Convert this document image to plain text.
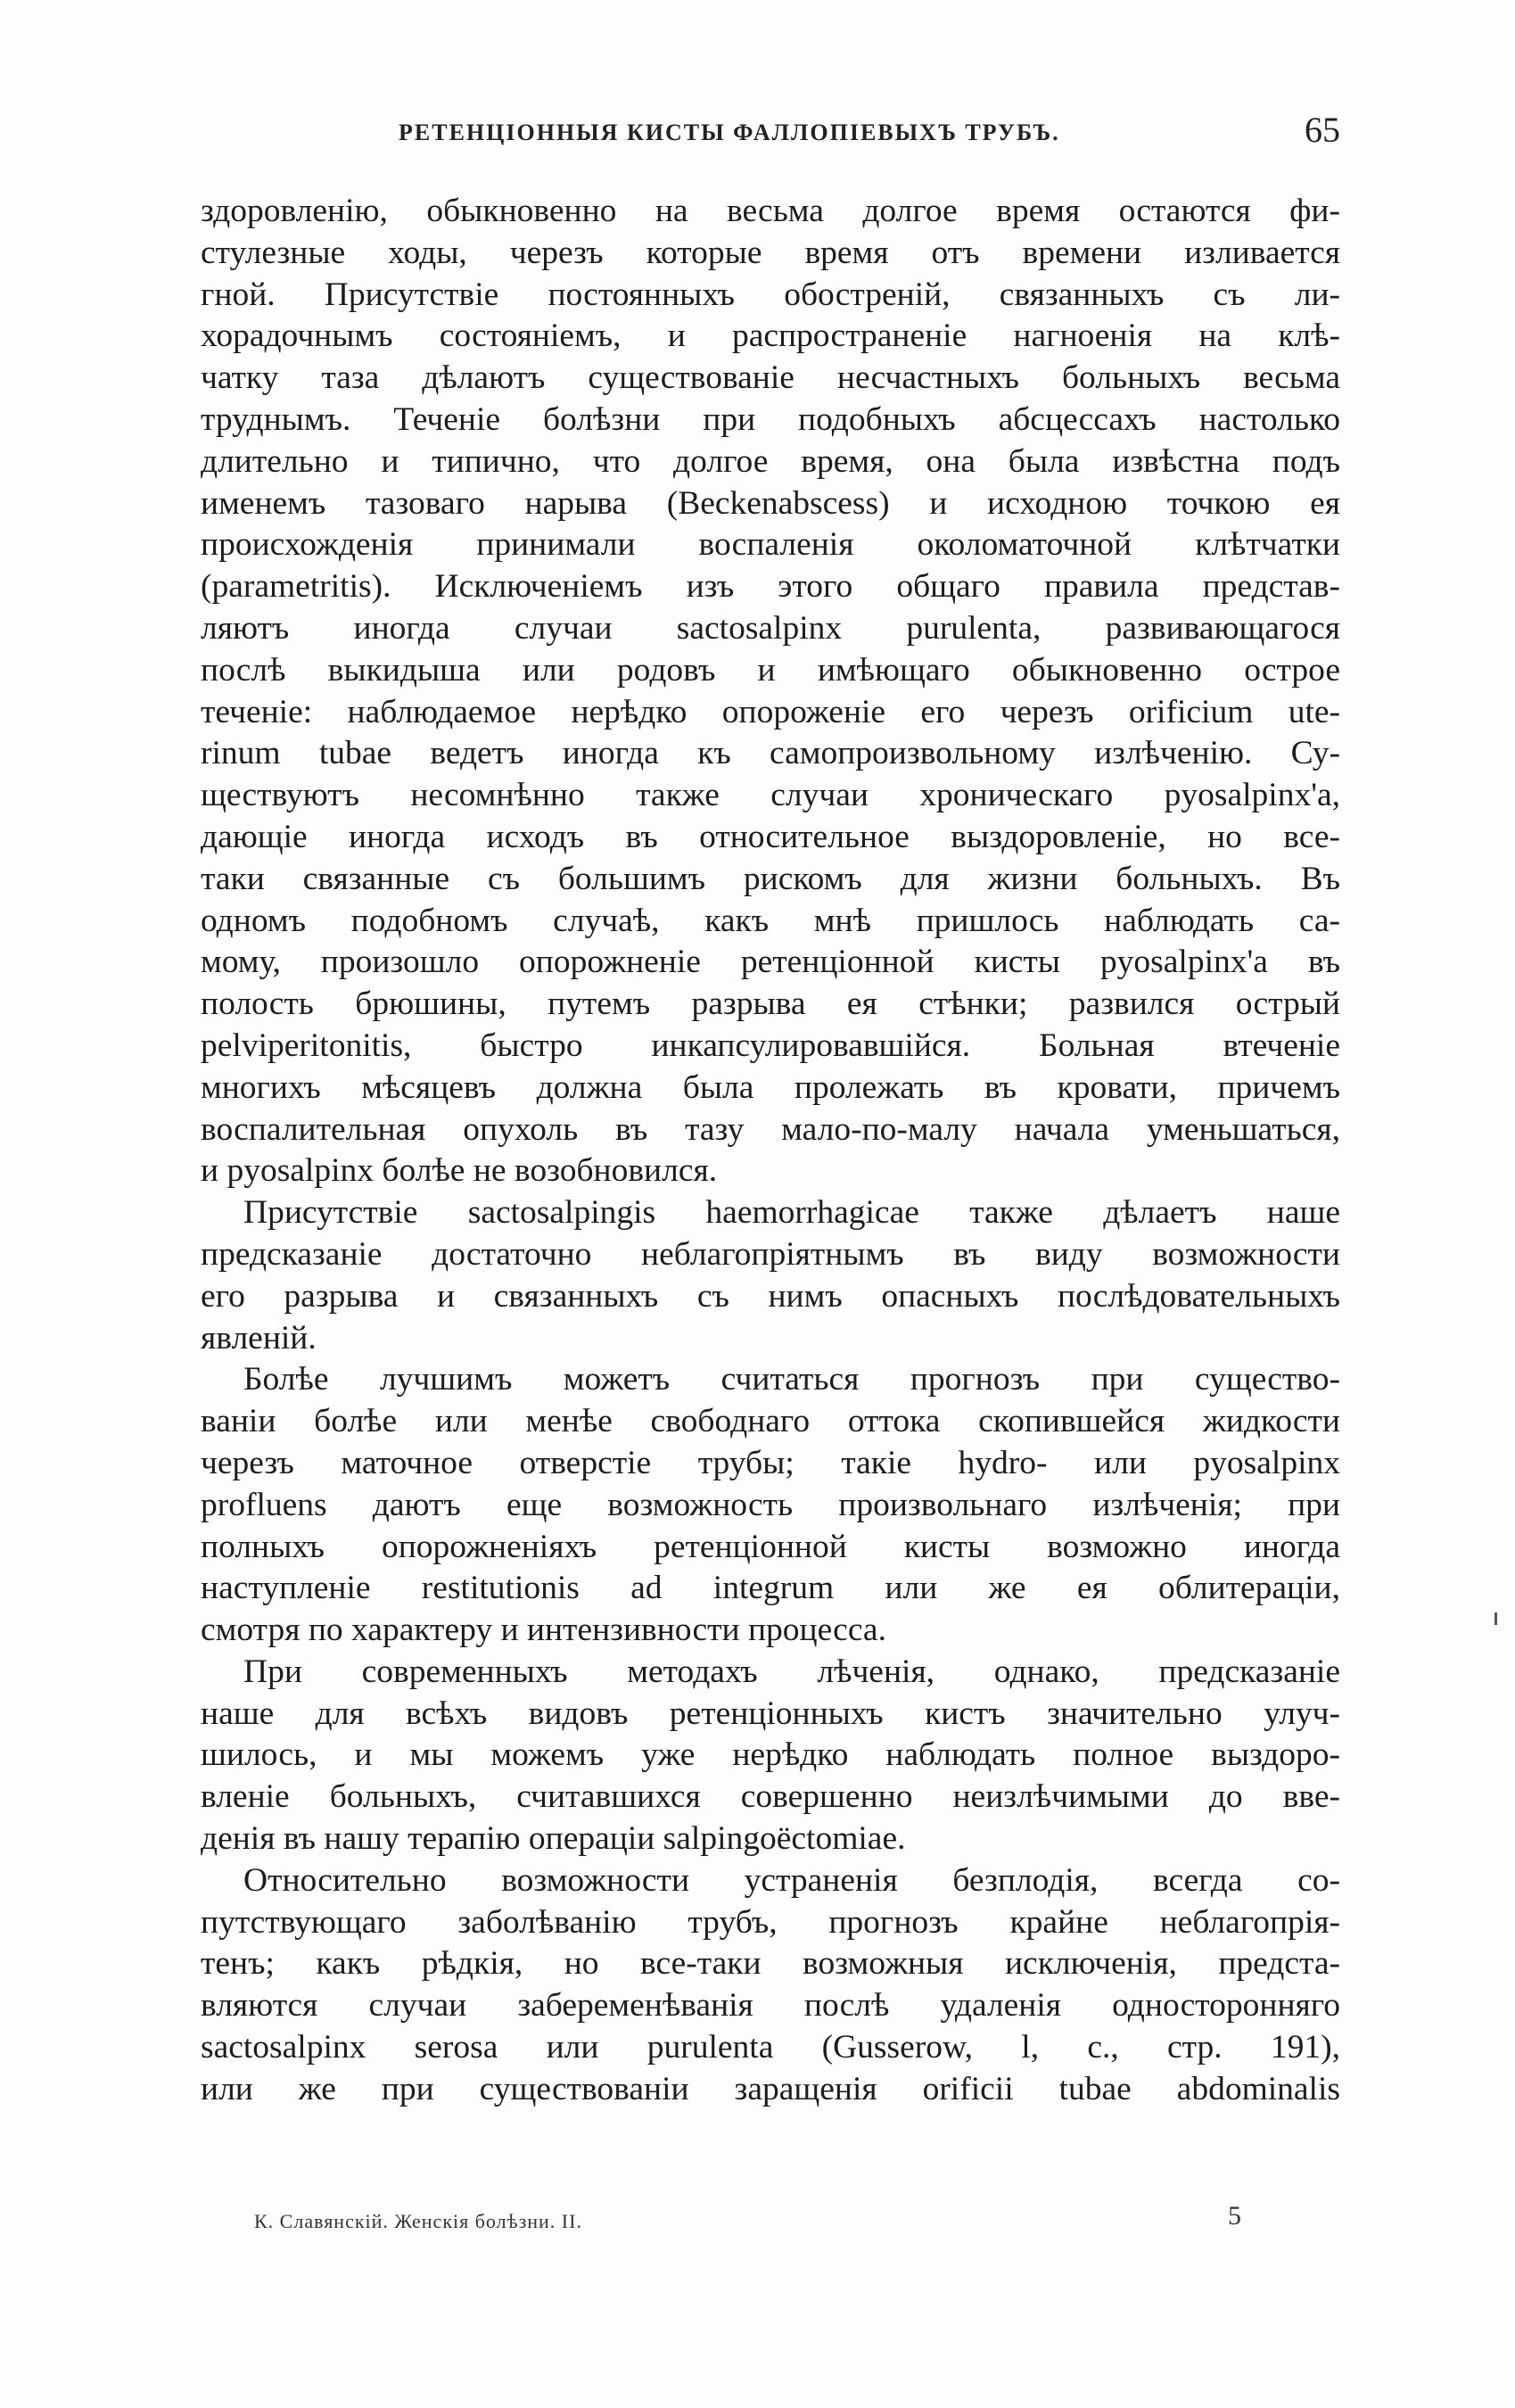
РЕТЕНЦІОННЫЯ КИСТЫ ФАЛЛОПІЕВЫХЪ ТРУБЪ.	65
здоровленію, обыкновенно на весьма долгое время остаются фи-
стулезные ходы, черезъ которые время отъ времени изливается
гной. Присутствіе постоянныхъ обостреній, связанныхъ съ ли-
хорадочнымъ состояніемъ, и распространеніе нагноенія на клѣ-
чатку таза дѣлаютъ существованіе несчастныхъ больныхъ весьма
труднымъ. Теченіе болѣзни при подобныхъ абсцессахъ настолько
длительно и типично, что долгое время, она была извѣстна подъ
именемъ тазоваго нарыва (Beckenabscess) и исходною точкою ея
происхожденія принимали воспаленія околоматочной клѣтчатки
(parametritis). Исключеніемъ изъ этого общаго правила представ-
ляютъ иногда случаи sactosalpinx purulenta, развивающагося
послѣ выкидыша или родовъ и имѣющаго обыкновенно острое
теченіе: наблюдаемое нерѣдко опороженіе его черезъ orificium ute-
rinum tubae ведетъ иногда къ самопроизвольному излѣченію. Су-
ществуютъ несомнѣнно также случаи хроническаго pyosalpinx'a,
дающіе иногда исходъ въ относительное выздоровленіе, но все-
таки связанные съ большимъ рискомъ для жизни больныхъ. Въ
одномъ подобномъ случаѣ, какъ мнѣ пришлось наблюдать са-
мому, произошло опорожненіе ретенціонной кисты pyosalpinx'a въ
полость брюшины, путемъ разрыва ея стѣнки; развился острый
pelviperitonitis, быстро инкапсулировавшійся. Больная втеченіе
многихъ мѣсяцевъ должна была пролежать въ кровати, причемъ
воспалительная опухоль въ тазу мало-по-малу начала уменьшаться,
и pyosalpinx болѣе не возобновился.
Присутствіе sactosalpingis haemorrhagicae также дѣлаетъ наше
предсказаніе достаточно неблагопріятнымъ въ виду возможности
его разрыва и связанныхъ съ нимъ опасныхъ послѣдовательныхъ
явленій.
Болѣе лучшимъ можетъ считаться прогнозъ при существо-
ваніи болѣе или менѣе свободнаго оттока скопившейся жидкости
черезъ маточное отверстіе трубы; такіе hydro- или pyosalpinx
profluens даютъ еще возможность произвольнаго излѣченія; при
полныхъ опорожненіяхъ ретенціонной кисты возможно иногда
наступленіе restitutionis ad integrum или же ея облитераціи,
смотря по характеру и интензивности процесса.
При современныхъ методахъ лѣченія, однако, предсказаніе
наше для всѣхъ видовъ ретенціонныхъ кистъ значительно улуч-
шилось, и мы можемъ уже нерѣдко наблюдать полное выздоро-
вленіе больныхъ, считавшихся совершенно неизлѣчимыми до вве-
денія въ нашу терапію операціи salpingoëctomiae.
Относительно возможности устраненія безплодія, всегда со-
путствующаго заболѣванію трубъ, прогнозъ крайне неблагопрія-
тенъ; какъ рѣдкія, но все-таки возможныя исключенія, предста-
вляются случаи забеременѣванія послѣ удаленія односторонняго
sactosalpinx serosa или purulenta (Gusserow, l, c., стр. 191),
или же при существованіи заращенія orificii tubae abdominalis
К. Славянскій. Женскія болѣзни. II.	5
